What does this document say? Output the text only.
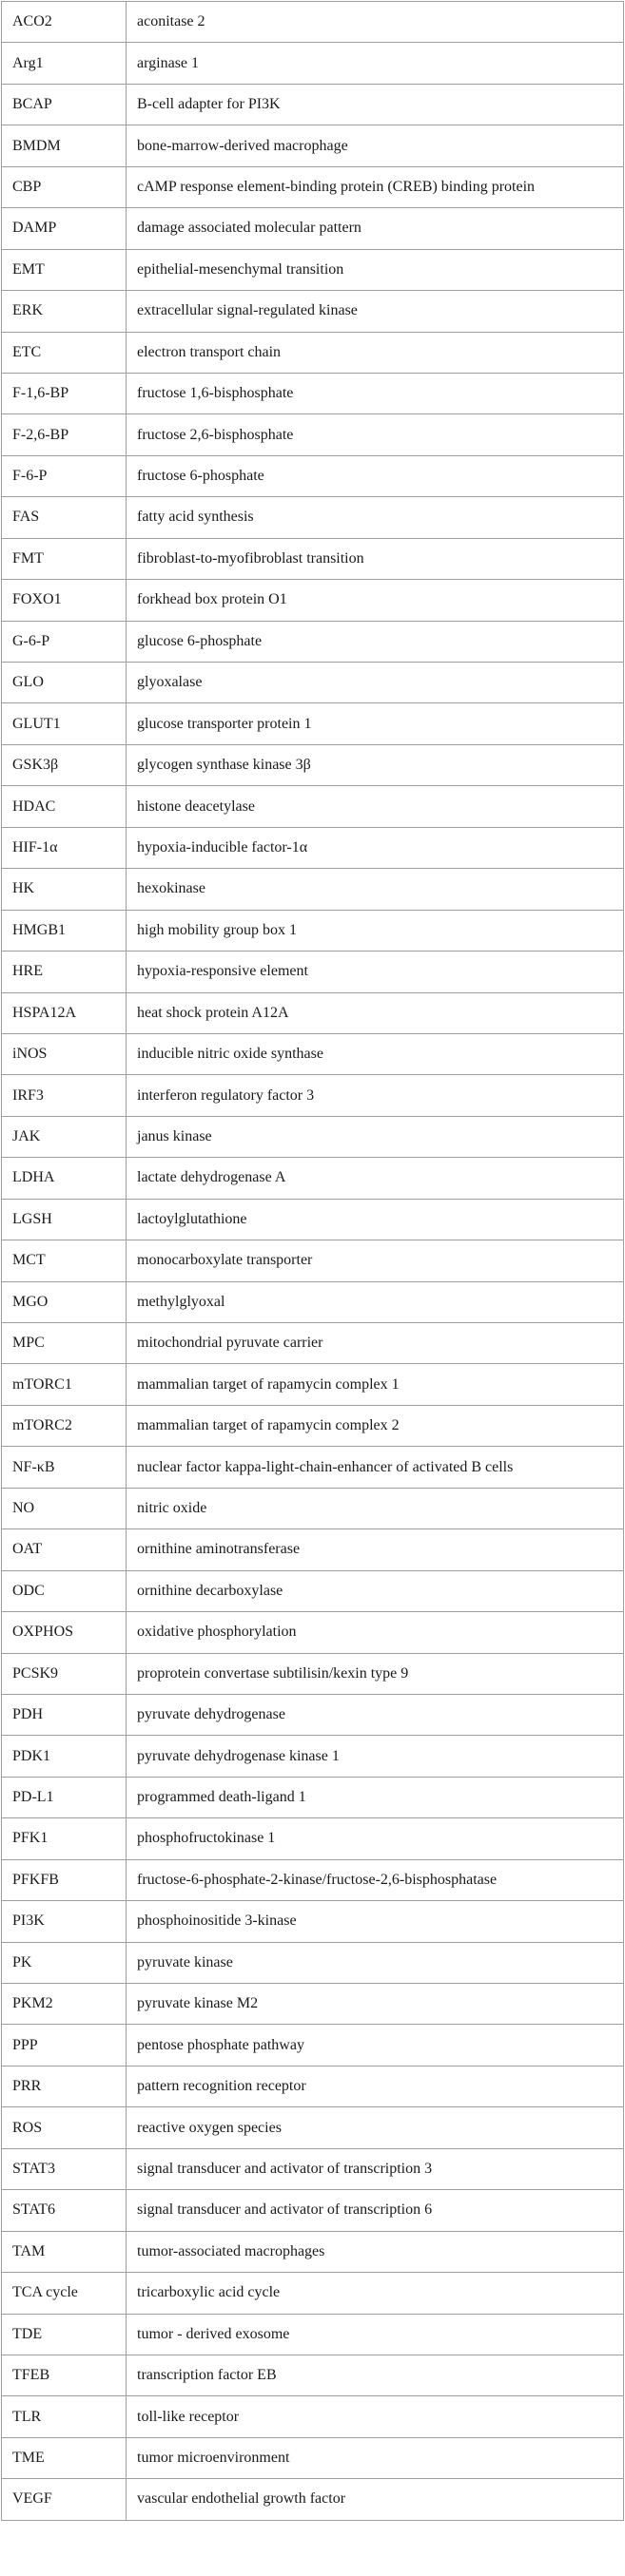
ACO2	aconitase 2
Arg1	arginase 1
BCAP	B-cell adapter for PI3K
BMDM	bone-marrow-derived macrophage
CBP	cAMP response element-binding protein (CREB) binding protein
DAMP	damage associated molecular pattern
EMT	epithelial-mesenchymal transition
ERK	extracellular signal-regulated kinase
ETC	electron transport chain
F-1,6-BP	fructose 1,6-bisphosphate
F-2,6-BP	fructose 2,6-bisphosphate
F-6-P	fructose 6-phosphate
FAS	fatty acid synthesis
FMT	fibroblast-to-myofibroblast transition
FOXO1	forkhead box protein O1
G-6-P	glucose 6-phosphate
GLO	glyoxalase
GLUT1	glucose transporter protein 1
GSK3β	glycogen synthase kinase 3β
HDAC	histone deacetylase
HIF-1α	hypoxia-inducible factor-1α
HK	hexokinase
HMGB1	high mobility group box 1
HRE	hypoxia-responsive element
HSPA12A	heat shock protein A12A
iNOS	inducible nitric oxide synthase
IRF3	interferon regulatory factor 3
JAK	janus kinase
LDHA	lactate dehydrogenase A
LGSH	lactoylglutathione
MCT	monocarboxylate transporter
MGO	methylglyoxal
MPC	mitochondrial pyruvate carrier
mTORC1	mammalian target of rapamycin complex 1
mTORC2	mammalian target of rapamycin complex 2
NF-κB	nuclear factor kappa-light-chain-enhancer of activated B cells
NO	nitric oxide
OAT	ornithine aminotransferase
ODC	ornithine decarboxylase
OXPHOS	oxidative phosphorylation
PCSK9	proprotein convertase subtilisin/kexin type 9
PDH	pyruvate dehydrogenase
PDK1	pyruvate dehydrogenase kinase 1
PD-L1	programmed death-ligand 1
PFK1	phosphofructokinase 1
PFKFB	fructose-6-phosphate-2-kinase/fructose-2,6-bisphosphatase
PI3K	phosphoinositide 3-kinase
PK	pyruvate kinase
PKM2	pyruvate kinase M2
PPP	pentose phosphate pathway
PRR	pattern recognition receptor
ROS	reactive oxygen species
STAT3	signal transducer and activator of transcription 3
STAT6	signal transducer and activator of transcription 6
TAM	tumor-associated macrophages
TCA cycle	tricarboxylic acid cycle
TDE	tumor - derived exosome
TFEB	transcription factor EB
TLR	toll-like receptor
TME	tumor microenvironment
VEGF	vascular endothelial growth factor
